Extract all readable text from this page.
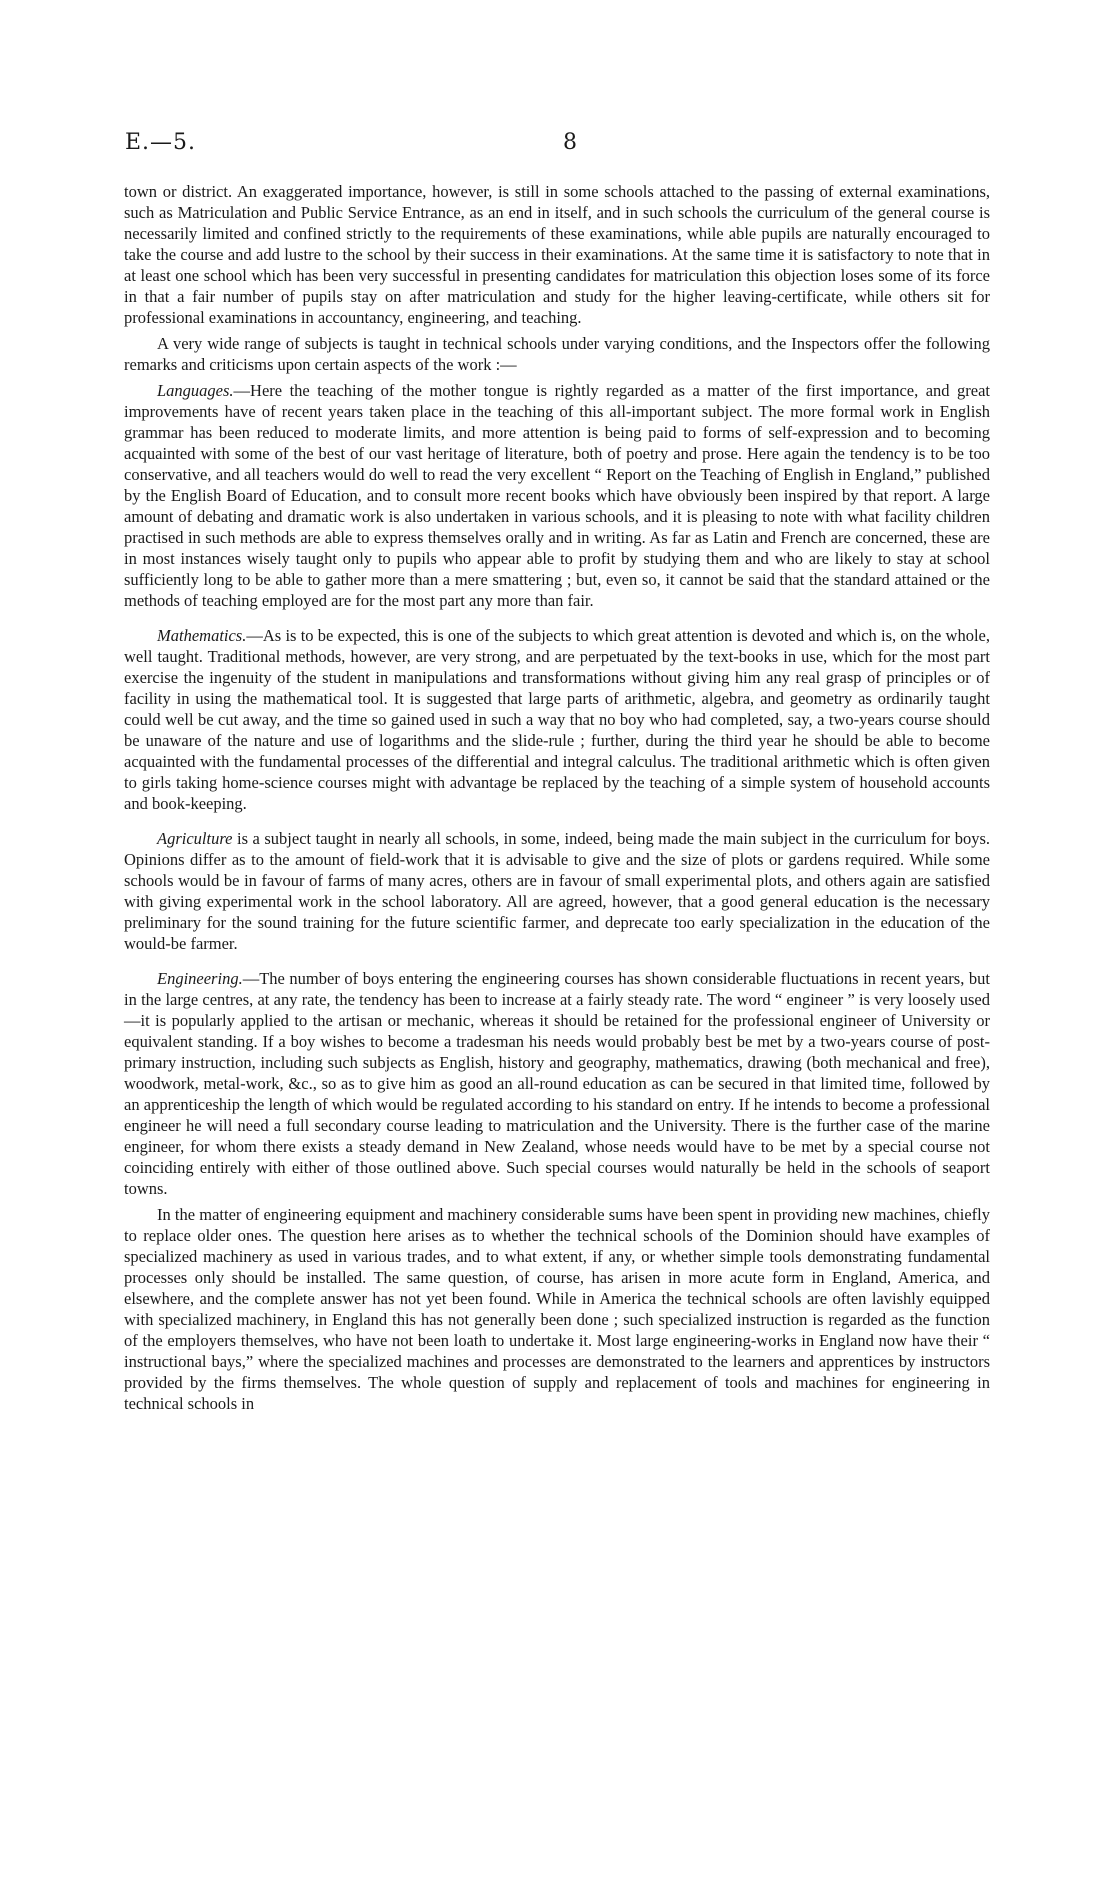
E.—5.	8

town or district. An exaggerated importance, however, is still in some schools attached to the passing of external examinations, such as Matriculation and Public Service Entrance, as an end in itself, and in such schools the curriculum of the general course is necessarily limited and confined strictly to the requirements of these examinations, while able pupils are naturally encouraged to take the course and add lustre to the school by their success in their examinations. At the same time it is satisfactory to note that in at least one school which has been very successful in presenting candidates for matriculation this objection loses some of its force in that a fair number of pupils stay on after matriculation and study for the higher leaving-certificate, while others sit for professional examinations in accountancy, engineering, and teaching.

A very wide range of subjects is taught in technical schools under varying conditions, and the Inspectors offer the following remarks and criticisms upon certain aspects of the work :—

Languages.—Here the teaching of the mother tongue is rightly regarded as a matter of the first importance, and great improvements have of recent years taken place in the teaching of this all-important subject. The more formal work in English grammar has been reduced to moderate limits, and more attention is being paid to forms of self-expression and to becoming acquainted with some of the best of our vast heritage of literature, both of poetry and prose. Here again the tendency is to be too conservative, and all teachers would do well to read the very excellent “ Report on the Teaching of English in England,” published by the English Board of Education, and to consult more recent books which have obviously been inspired by that report. A large amount of debating and dramatic work is also undertaken in various schools, and it is pleasing to note with what facility children practised in such methods are able to express themselves orally and in writing. As far as Latin and French are concerned, these are in most instances wisely taught only to pupils who appear able to profit by studying them and who are likely to stay at school sufficiently long to be able to gather more than a mere smattering ; but, even so, it cannot be said that the standard attained or the methods of teaching employed are for the most part any more than fair.

Mathematics.—As is to be expected, this is one of the subjects to which great attention is devoted and which is, on the whole, well taught. Traditional methods, however, are very strong, and are perpetuated by the text-books in use, which for the most part exercise the ingenuity of the student in manipulations and transformations without giving him any real grasp of principles or of facility in using the mathematical tool. It is suggested that large parts of arithmetic, algebra, and geometry as ordinarily taught could well be cut away, and the time so gained used in such a way that no boy who had completed, say, a two-years course should be unaware of the nature and use of logarithms and the slide-rule ; further, during the third year he should be able to become acquainted with the fundamental processes of the differential and integral calculus. The traditional arithmetic which is often given to girls taking home-science courses might with advantage be replaced by the teaching of a simple system of household accounts and book-keeping.

Agriculture is a subject taught in nearly all schools, in some, indeed, being made the main subject in the curriculum for boys. Opinions differ as to the amount of field-work that it is advisable to give and the size of plots or gardens required. While some schools would be in favour of farms of many acres, others are in favour of small experimental plots, and others again are satisfied with giving experimental work in the school laboratory. All are agreed, however, that a good general education is the necessary preliminary for the sound training for the future scientific farmer, and deprecate too early specialization in the education of the would-be farmer.

Engineering.—The number of boys entering the engineering courses has shown considerable fluctuations in recent years, but in the large centres, at any rate, the tendency has been to increase at a fairly steady rate. The word “ engineer ” is very loosely used—it is popularly applied to the artisan or mechanic, whereas it should be retained for the professional engineer of University or equivalent standing. If a boy wishes to become a tradesman his needs would probably best be met by a two-years course of post-primary instruction, including such subjects as English, history and geography, mathematics, drawing (both mechanical and free), woodwork, metal-work, &c., so as to give him as good an all-round education as can be secured in that limited time, followed by an apprenticeship the length of which would be regulated according to his standard on entry. If he intends to become a professional engineer he will need a full secondary course leading to matriculation and the University. There is the further case of the marine engineer, for whom there exists a steady demand in New Zealand, whose needs would have to be met by a special course not coinciding entirely with either of those outlined above. Such special courses would naturally be held in the schools of seaport towns.

In the matter of engineering equipment and machinery considerable sums have been spent in providing new machines, chiefly to replace older ones. The question here arises as to whether the technical schools of the Dominion should have examples of specialized machinery as used in various trades, and to what extent, if any, or whether simple tools demonstrating fundamental processes only should be installed. The same question, of course, has arisen in more acute form in England, America, and elsewhere, and the complete answer has not yet been found. While in America the technical schools are often lavishly equipped with specialized machinery, in England this has not generally been done ; such specialized instruction is regarded as the function of the employers themselves, who have not been loath to undertake it. Most large engineering-works in England now have their “ instructional bays,” where the specialized machines and processes are demonstrated to the learners and apprentices by instructors provided by the firms themselves. The whole question of supply and replacement of tools and machines for engineering in technical schools in
